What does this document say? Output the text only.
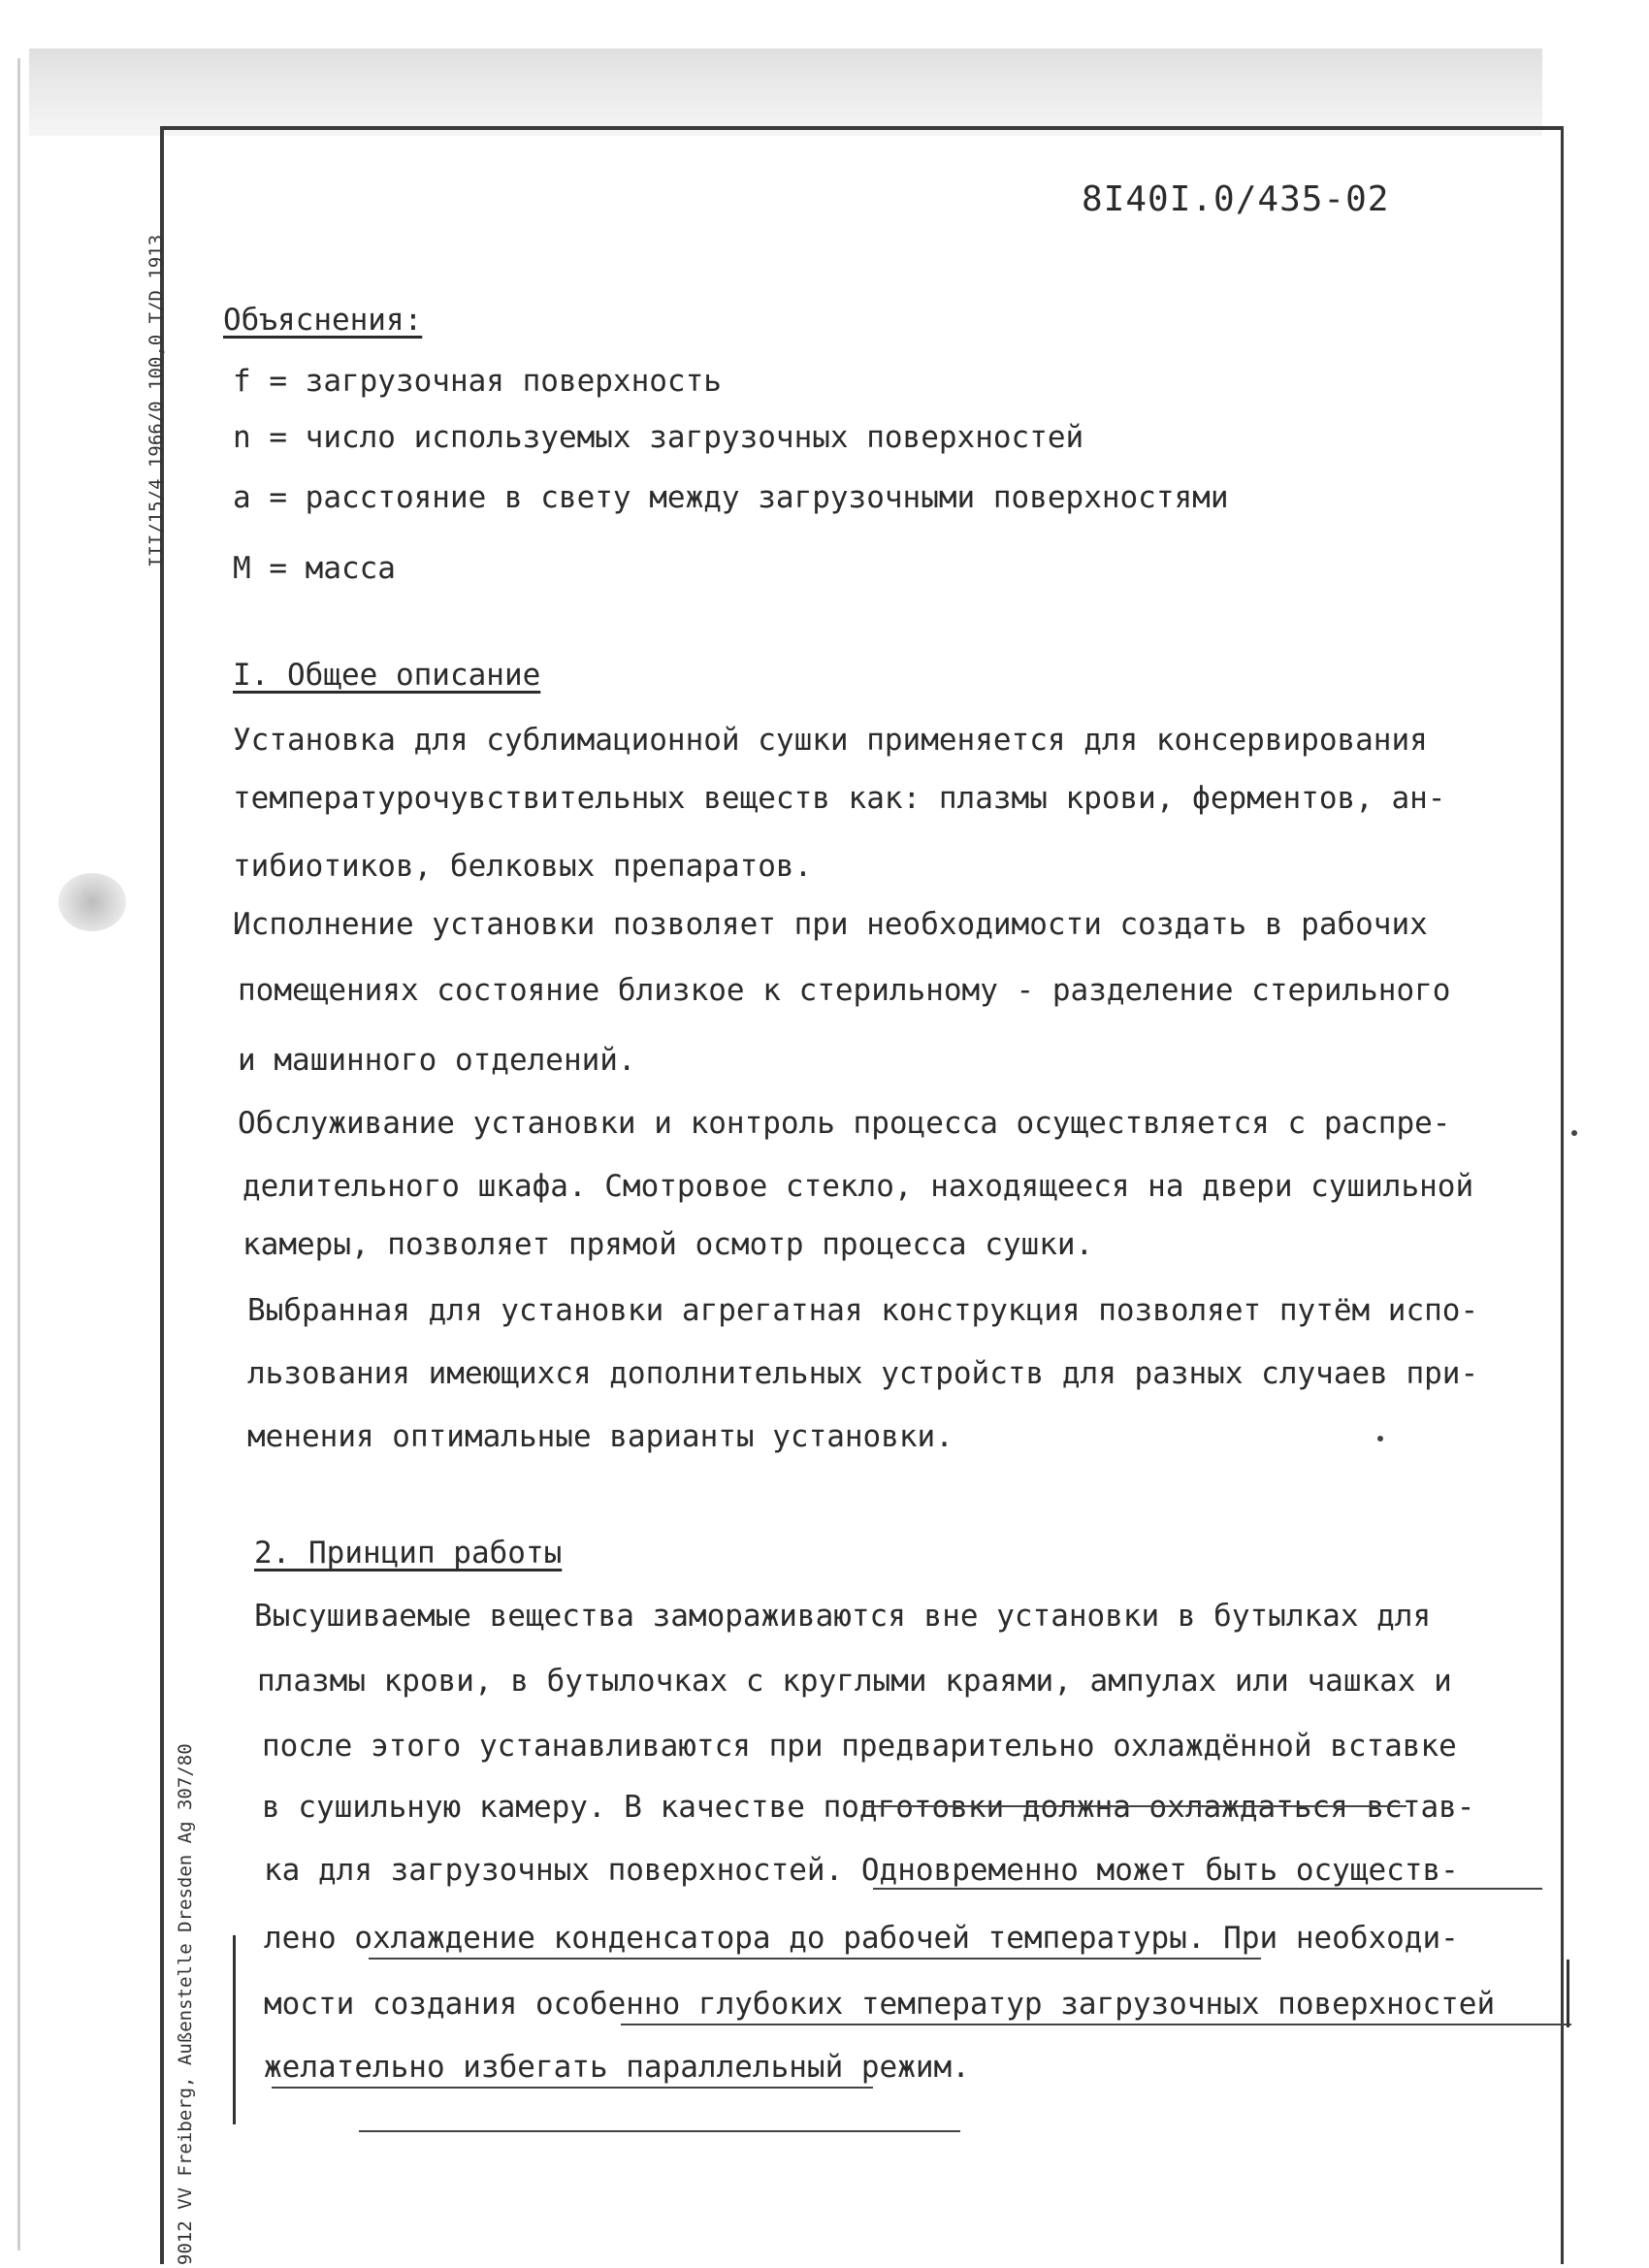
III/15/4 1966/0 100,0 T/D 1913
9012 VV Freiberg, Außenstelle Dresden Ag 307/80
8I40I.0/435-02
Объяснения:
f = загрузочная поверхность
n = число используемых загрузочных поверхностей
a = расстояние в свету между загрузочными поверхностями
М = масса
I. Общее описание
Установка для сублимационной сушки применяется для консервирования
температурочувствительных веществ как: плазмы крови, ферментов, ан-
тибиотиков, белковых препаратов.
Исполнение установки позволяет при необходимости создать в рабочих
помещениях состояние близкое к стерильному - разделение стерильного
и машинного отделений.
Обслуживание установки и контроль процесса осуществляется с распре-
делительного шкафа. Смотровое стекло, находящееся на двери сушильной
камеры, позволяет прямой осмотр процесса сушки.
Выбранная для установки агрегатная конструкция позволяет путём испо-
льзования имеющихся дополнительных устройств для разных случаев при-
менения оптимальные варианты установки.
2. Принцип работы
Высушиваемые вещества замораживаются вне установки в бутылках для
плазмы крови, в бутылочках с круглыми краями, ампулах или чашках и
после этого устанавливаются при предварительно охлаждённой вставке
в сушильную камеру. В качестве подготовки должна охлаждаться встав-
ка для загрузочных поверхностей. Одновременно может быть осуществ-
лено охлаждение конденсатора до рабочей температуры. При необходи-
мости создания особенно глубоких температур загрузочных поверхностей
желательно избегать параллельный режим.
